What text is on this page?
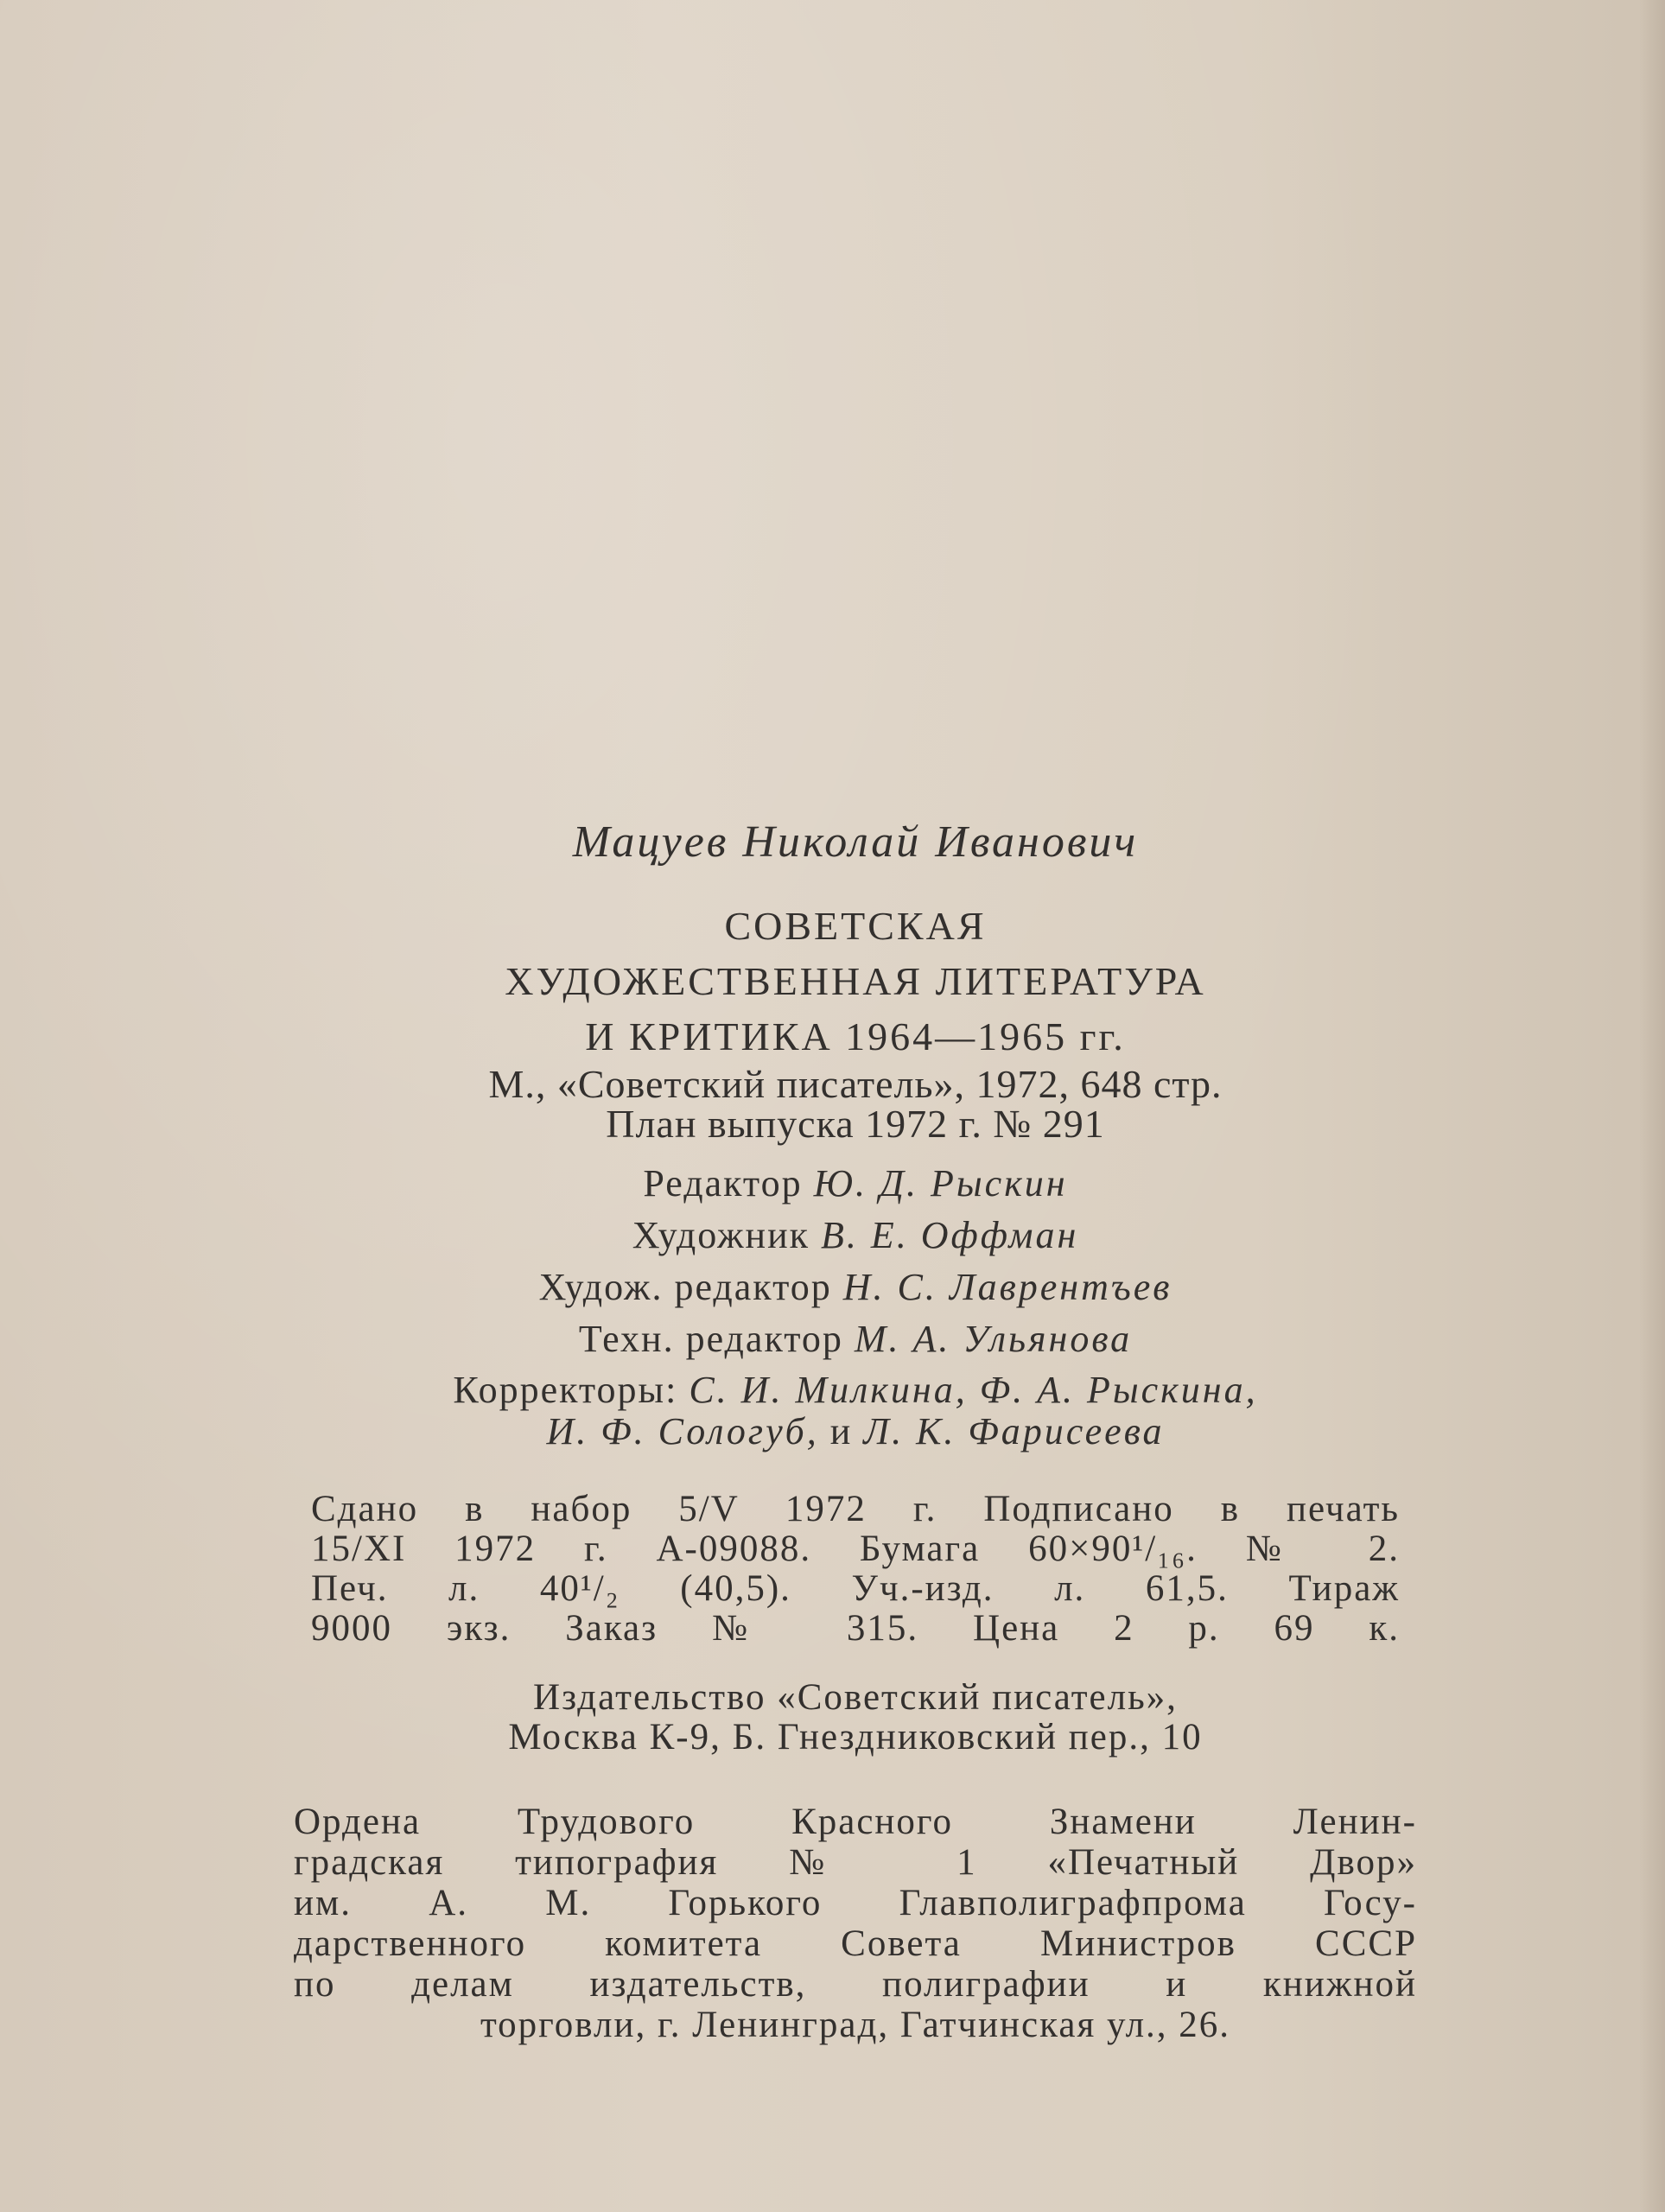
Мацуев Николай Иванович
СОВЕТСКАЯ
ХУДОЖЕСТВЕННАЯ ЛИТЕРАТУРА
И КРИТИКА 1964—1965 гг.
М., «Советский писатель», 1972, 648 стр.
План выпуска 1972 г. № 291
Редактор Ю. Д. Рыскин
Художник В. Е. Оффман
Худож. редактор Н. С. Лаврентъев
Техн. редактор М. А. Ульянова
Корректоры: С. И. Милкина, Ф. А. Рыскина,
И. Ф. Сологуб, и Л. К. Фарисеева
Сдано в набор 5/V 1972 г. Подписано в печать
15/XI 1972 г. А-09088. Бумага 60×90¹/₁₆. № 2.
Печ. л. 40¹/₂ (40,5). Уч.-изд. л. 61,5. Тираж
9000 экз. Заказ № 315. Цена 2 р. 69 к.
Издательство «Советский писатель»,
Москва К-9, Б. Гнездниковский пер., 10
Ордена Трудового Красного Знамени Ленин-
градская типография № 1 «Печатный Двор»
им. А. М. Горького Главполиграфпрома Госу-
дарственного комитета Совета Министров СССР
по делам издательств, полиграфии и книжной
торговли, г. Ленинград, Гатчинская ул., 26.
